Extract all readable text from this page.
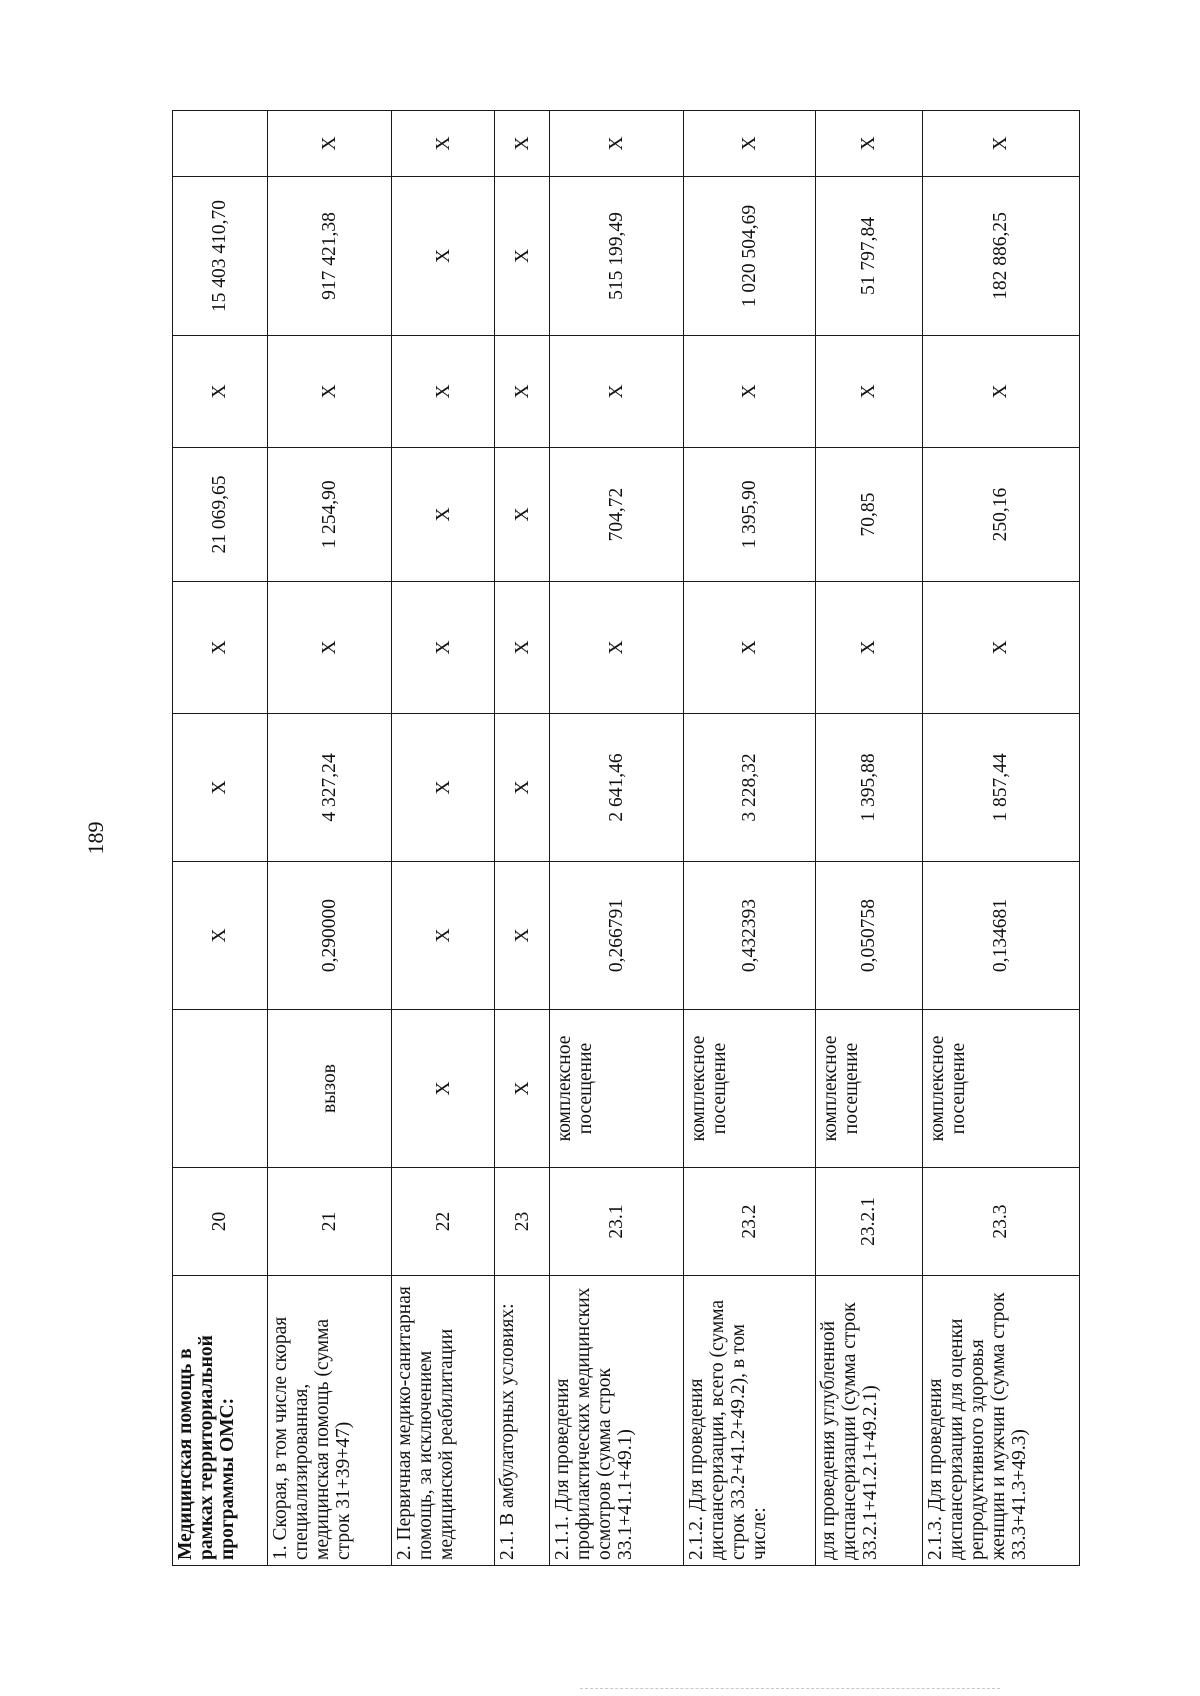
189
Медицинская помощь в рамках территориальной программы ОМС:	20		X	X	X	21 069,65	X	15 403 410,70	
1. Скорая, в том числе скорая специализированная, медицинская помощь (сумма строк 31+39+47)	21	вызов	0,290000	4 327,24	X	1 254,90	X	917 421,38	X
2. Первичная медико-санитарная помощь, за исключением медицинской реабилитации	22	X	X	X	X	X	X	X	X
2.1. В амбулаторных условиях:	23	X	X	X	X	X	X	X	X
2.1.1. Для проведения профилактических медицинских осмотров (сумма строк 33.1+41.1+49.1)	23.1	комплексное посещение	0,266791	2 641,46	X	704,72	X	515 199,49	X
2.1.2. Для проведения диспансеризации, всего (сумма строк 33.2+41.2+49.2), в том числе:	23.2	комплексное посещение	0,432393	3 228,32	X	1 395,90	X	1 020 504,69	X
для проведения углубленной диспансеризации (сумма строк 33.2.1+41.2.1+49.2.1)	23.2.1	комплексное посещение	0,050758	1 395,88	X	70,85	X	51 797,84	X
2.1.3. Для проведения диспансеризации для оценки репродуктивного здоровья женщин и мужчин (сумма строк 33.3+41.3+49.3)	23.3	комплексное посещение	0,134681	1 857,44	X	250,16	X	182 886,25	X
